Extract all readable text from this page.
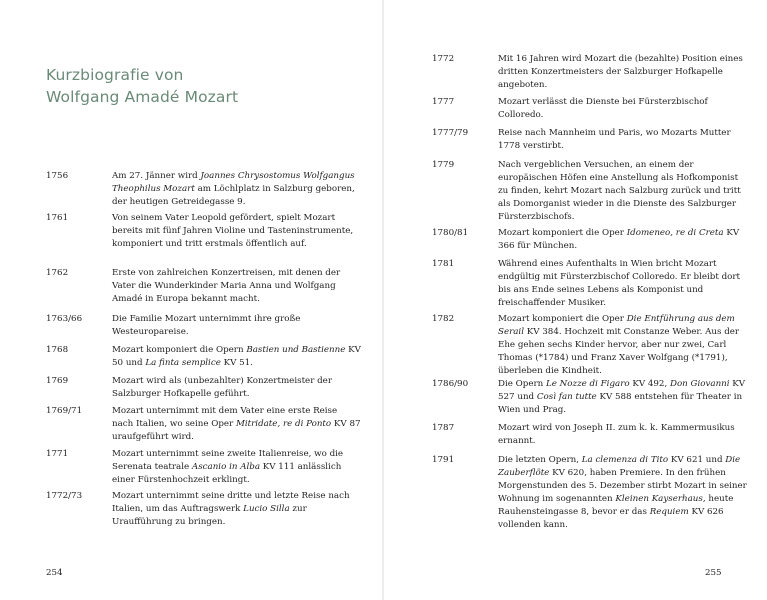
Kurzbiografie von
Wolfgang Amadé Mozart
1756	Am 27. Jänner wird Joannes Chrysostomus Wolfgangus Theophilus Mozart am Löchlplatz in Salzburg geboren, der heutigen Getreidegasse 9.
1761	Von seinem Vater Leopold gefördert, spielt Mozart bereits mit fünf Jahren Violine und Tasteninstrumente, komponiert und tritt erstmals öffentlich auf.
1762	Erste von zahlreichen Konzertreisen, mit denen der Vater die Wunderkinder Maria Anna und Wolfgang Amadé in Europa bekannt macht.
1763/66	Die Familie Mozart unternimmt ihre große Westeuropareise.
1768	Mozart komponiert die Opern Bastien und Bastienne KV 50 und La finta semplice KV 51.
1769	Mozart wird als (unbezahlter) Konzertmeister der Salzburger Hofkapelle geführt.
1769/71	Mozart unternimmt mit dem Vater eine erste Reise nach Italien, wo seine Oper Mitridate, re di Ponto KV 87 uraufgeführt wird.
1771	Mozart unternimmt seine zweite Italienreise, wo die Serenata teatrale Ascanio in Alba KV 111 anlässlich einer Fürstenhochzeit erklingt.
1772/73	Mozart unternimmt seine dritte und letzte Reise nach Italien, um das Auftragswerk Lucio Silla zur Uraufführung zu bringen.
254
1772	Mit 16 Jahren wird Mozart die (bezahlte) Position eines dritten Konzertmeisters der Salzburger Hofkapelle angeboten.
1777	Mozart verlässt die Dienste bei Fürsterzbischof Colloredo.
1777/79	Reise nach Mannheim und Paris, wo Mozarts Mutter 1778 verstirbt.
1779	Nach vergeblichen Versuchen, an einem der europäischen Höfen eine Anstellung als Hofkomponist zu finden, kehrt Mozart nach Salzburg zurück und tritt als Domorganist wieder in die Dienste des Salzburger Fürsterzbischofs.
1780/81	Mozart komponiert die Oper Idomeneo, re di Creta KV 366 für München.
1781	Während eines Aufenthalts in Wien bricht Mozart endgültig mit Fürsterzbischof Colloredo. Er bleibt dort bis ans Ende seines Lebens als Komponist und freischaffender Musiker.
1782	Mozart komponiert die Oper Die Entführung aus dem Serail KV 384. Hochzeit mit Constanze Weber. Aus der Ehe gehen sechs Kinder hervor, aber nur zwei, Carl Thomas (*1784) und Franz Xaver Wolfgang (*1791), überleben die Kindheit.
1786/90	Die Opern Le Nozze di Figaro KV 492, Don Giovanni KV 527 und Così fan tutte KV 588 entstehen für Theater in Wien und Prag.
1787	Mozart wird von Joseph II. zum k. k. Kammermusikus ernannt.
1791	Die letzten Opern, La clemenza di Tito KV 621 und Die Zauberflöte KV 620, haben Premiere. In den frühen Morgenstunden des 5. Dezember stirbt Mozart in seiner Wohnung im sogenannten Kleinen Kayserhaus, heute Rauhensteingasse 8, bevor er das Requiem KV 626 vollenden kann.
255
